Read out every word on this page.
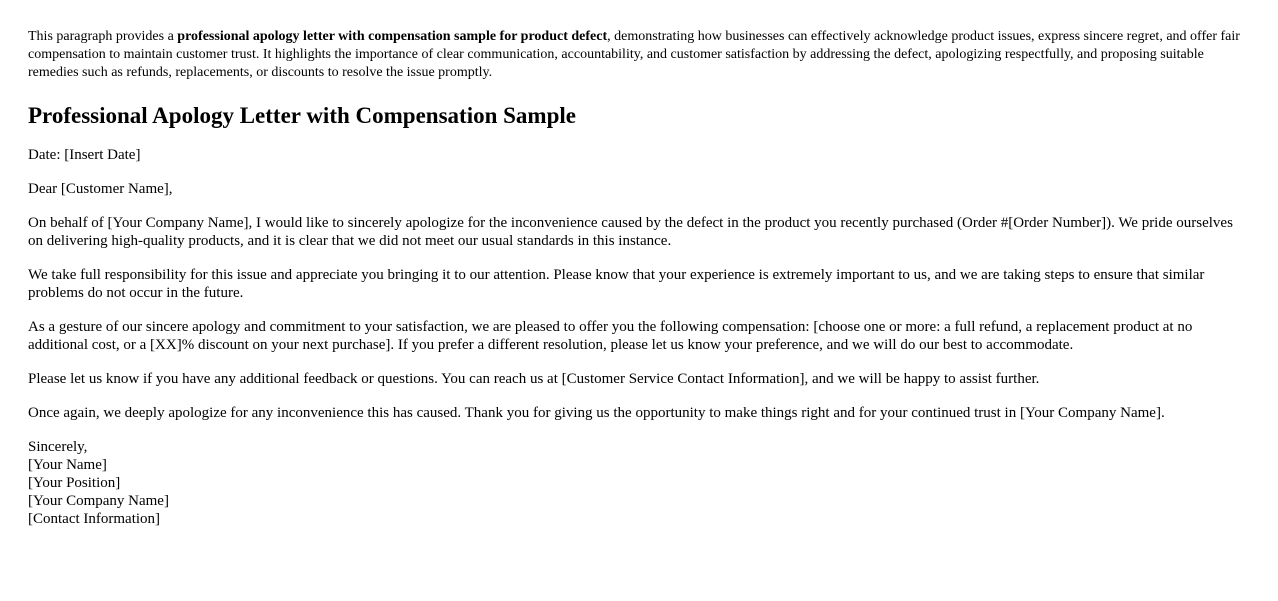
This paragraph provides a professional apology letter with compensation sample for product defect, demonstrating how businesses can effectively acknowledge product issues, express sincere regret, and offer fair compensation to maintain customer trust. It highlights the importance of clear communication, accountability, and customer satisfaction by addressing the defect, apologizing respectfully, and proposing suitable remedies such as refunds, replacements, or discounts to resolve the issue promptly.

Professional Apology Letter with Compensation Sample

Date: [Insert Date]

Dear [Customer Name],

On behalf of [Your Company Name], I would like to sincerely apologize for the inconvenience caused by the defect in the product you recently purchased (Order #[Order Number]). We pride ourselves on delivering high-quality products, and it is clear that we did not meet our usual standards in this instance.

We take full responsibility for this issue and appreciate you bringing it to our attention. Please know that your experience is extremely important to us, and we are taking steps to ensure that similar problems do not occur in the future.

As a gesture of our sincere apology and commitment to your satisfaction, we are pleased to offer you the following compensation: [choose one or more: a full refund, a replacement product at no additional cost, or a [XX]% discount on your next purchase]. If you prefer a different resolution, please let us know your preference, and we will do our best to accommodate.

Please let us know if you have any additional feedback or questions. You can reach us at [Customer Service Contact Information], and we will be happy to assist further.

Once again, we deeply apologize for any inconvenience this has caused. Thank you for giving us the opportunity to make things right and for your continued trust in [Your Company Name].

Sincerely,
[Your Name]
[Your Position]
[Your Company Name]
[Contact Information]
